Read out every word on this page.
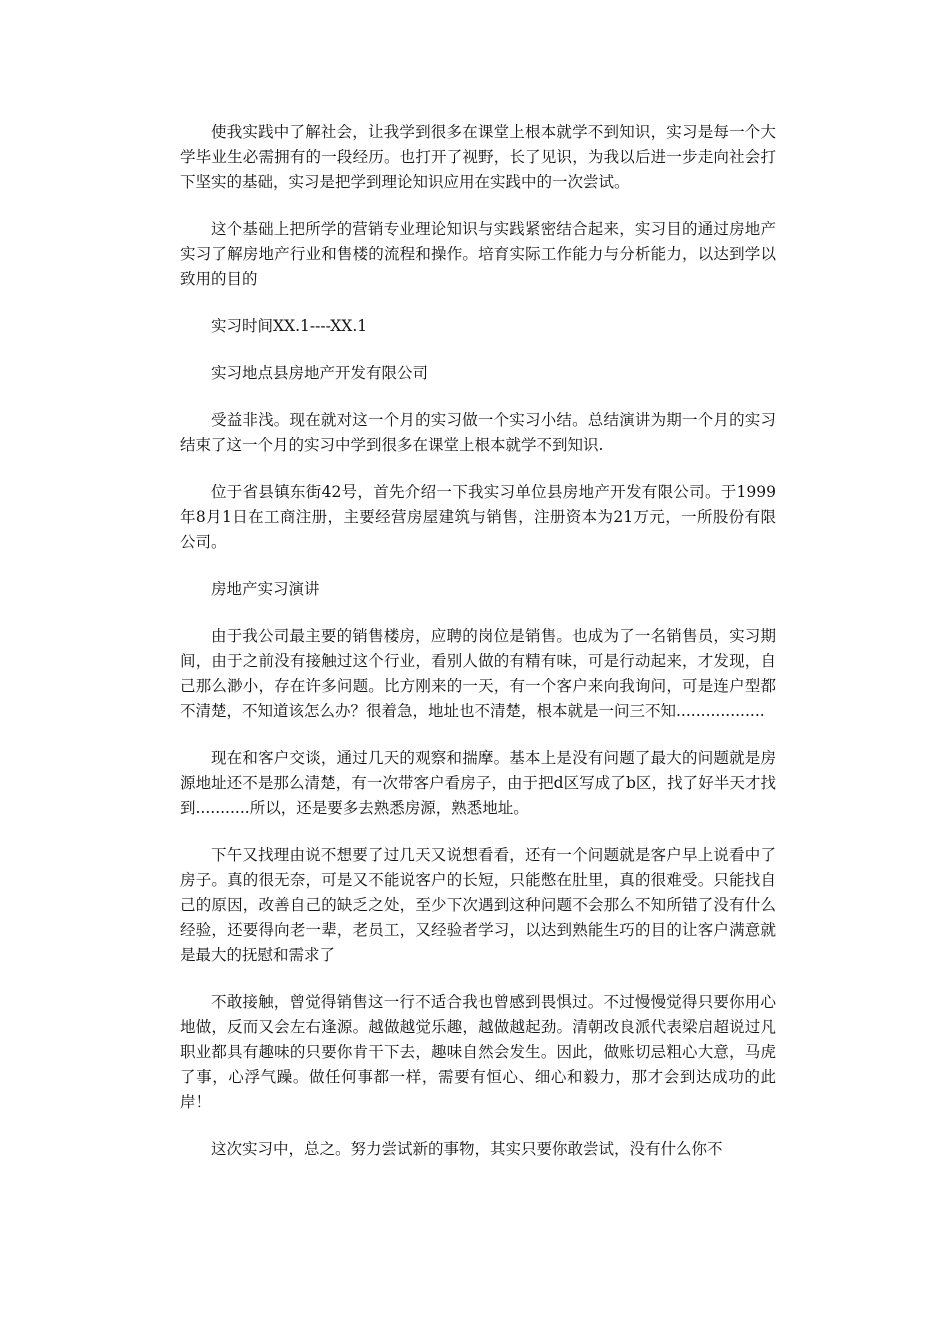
使我实践中了解社会，让我学到很多在课堂上根本就学不到知识，实习是每一个大学毕业生必需拥有的一段经历。也打开了视野，长了见识，为我以后进一步走向社会打下坚实的基础，实习是把学到理论知识应用在实践中的一次尝试。

这个基础上把所学的营销专业理论知识与实践紧密结合起来，实习目的通过房地产实习了解房地产行业和售楼的流程和操作。培育实际工作能力与分析能力，以达到学以致用的目的

实习时间XX.1----XX.1

实习地点县房地产开发有限公司

受益非浅。现在就对这一个月的实习做一个实习小结。总结演讲为期一个月的实习结束了这一个月的实习中学到很多在课堂上根本就学不到知识.

位于省县镇东街42号，首先介绍一下我实习单位县房地产开发有限公司。于1999年8月1日在工商注册，主要经营房屋建筑与销售，注册资本为21万元，一所股份有限公司。

房地产实习演讲

由于我公司最主要的销售楼房，应聘的岗位是销售。也成为了一名销售员，实习期间，由于之前没有接触过这个行业，看别人做的有精有味，可是行动起来，才发现，自己那么渺小，存在许多问题。比方刚来的一天，有一个客户来向我询问，可是连户型都不清楚，不知道该怎么办？很着急，地址也不清楚，根本就是一问三不知..................

现在和客户交谈，通过几天的观察和揣摩。基本上是没有问题了最大的问题就是房源地址还不是那么清楚，有一次带客户看房子，由于把d区写成了b区，找了好半天才找到...........所以，还是要多去熟悉房源，熟悉地址。

下午又找理由说不想要了过几天又说想看看，还有一个问题就是客户早上说看中了房子。真的很无奈，可是又不能说客户的长短，只能憋在肚里，真的很难受。只能找自己的原因，改善自己的缺乏之处，至少下次遇到这种问题不会那么不知所错了没有什么经验，还要得向老一辈，老员工，又经验者学习，以达到熟能生巧的目的让客户满意就是最大的抚慰和需求了

不敢接触，曾觉得销售这一行不适合我也曾感到畏惧过。不过慢慢觉得只要你用心地做，反而又会左右逢源。越做越觉乐趣，越做越起劲。清朝改良派代表梁启超说过凡职业都具有趣味的只要你肯干下去，趣味自然会发生。因此，做账切忌粗心大意，马虎了事，心浮气躁。做任何事都一样，需要有恒心、细心和毅力，那才会到达成功的此岸！

这次实习中，总之。努力尝试新的事物，其实只要你敢尝试，没有什么你不
